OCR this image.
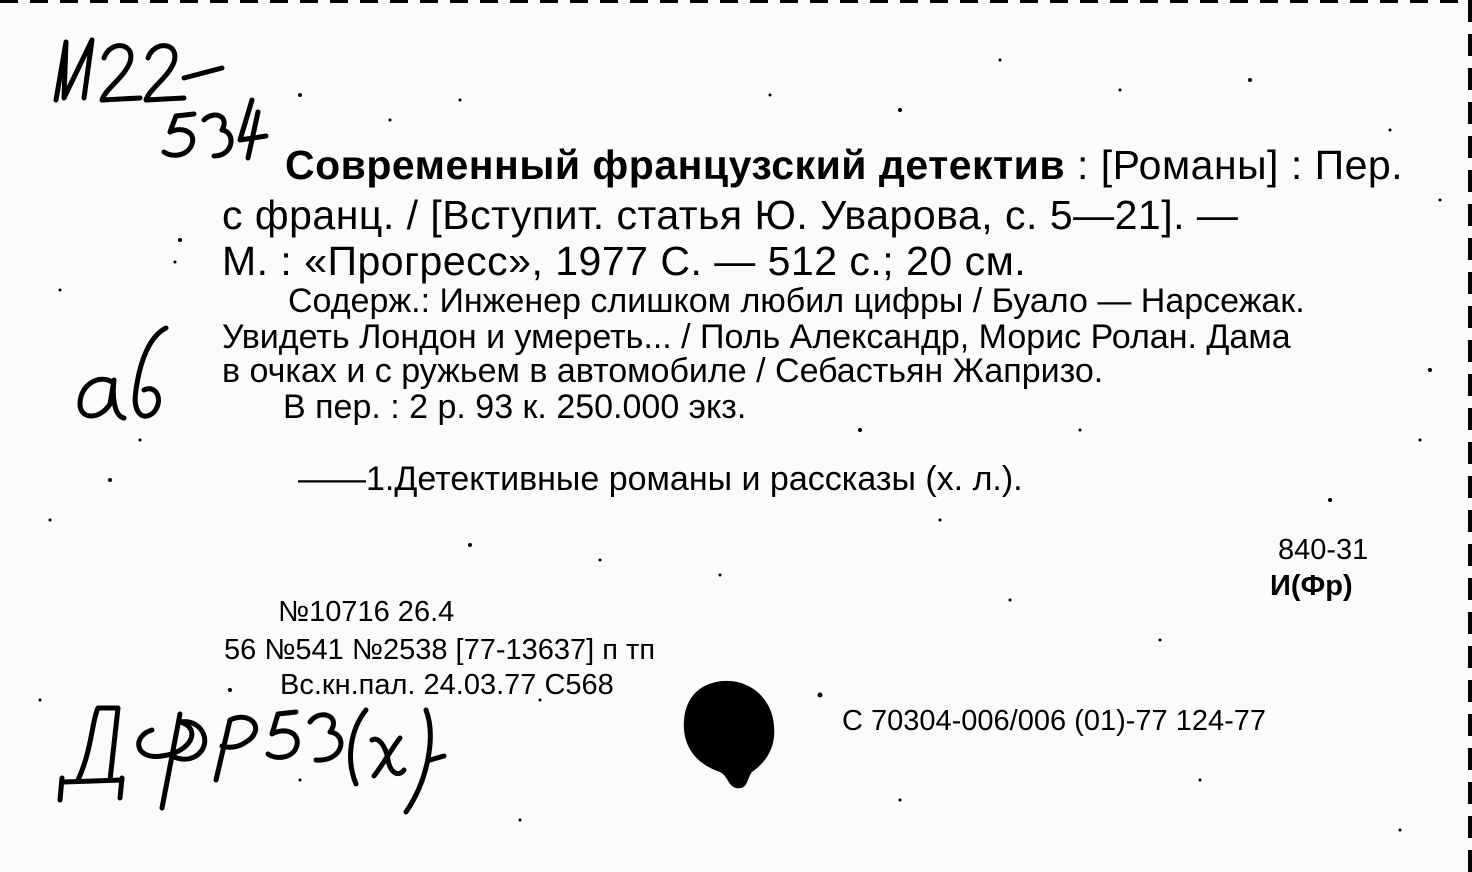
Современный французский детектив : [Романы] : Пер.
с франц. / [Вступит. статья Ю. Уварова, с. 5—21]. —
М. : «Прогресс», 1977 С. — 512 с.; 20 см.
Содерж.: Инженер слишком любил цифры / Буало — Нарсежак.
Увидеть Лондон и умереть... / Поль Александр, Морис Ролан. Дама
в очках и с ружьем в автомобиле / Себастьян Жапризо.
В пер. : 2 р. 93 к. 250.000 экз.
——1.Детективные романы и рассказы (х. л.).
840-31
И(Фр)
№10716 26.4
56 №541 №2538 [77-13637] п тп
Вс.кн.пал. 24.03.77 С568
С 70304-006/006 (01)-77 124-77
